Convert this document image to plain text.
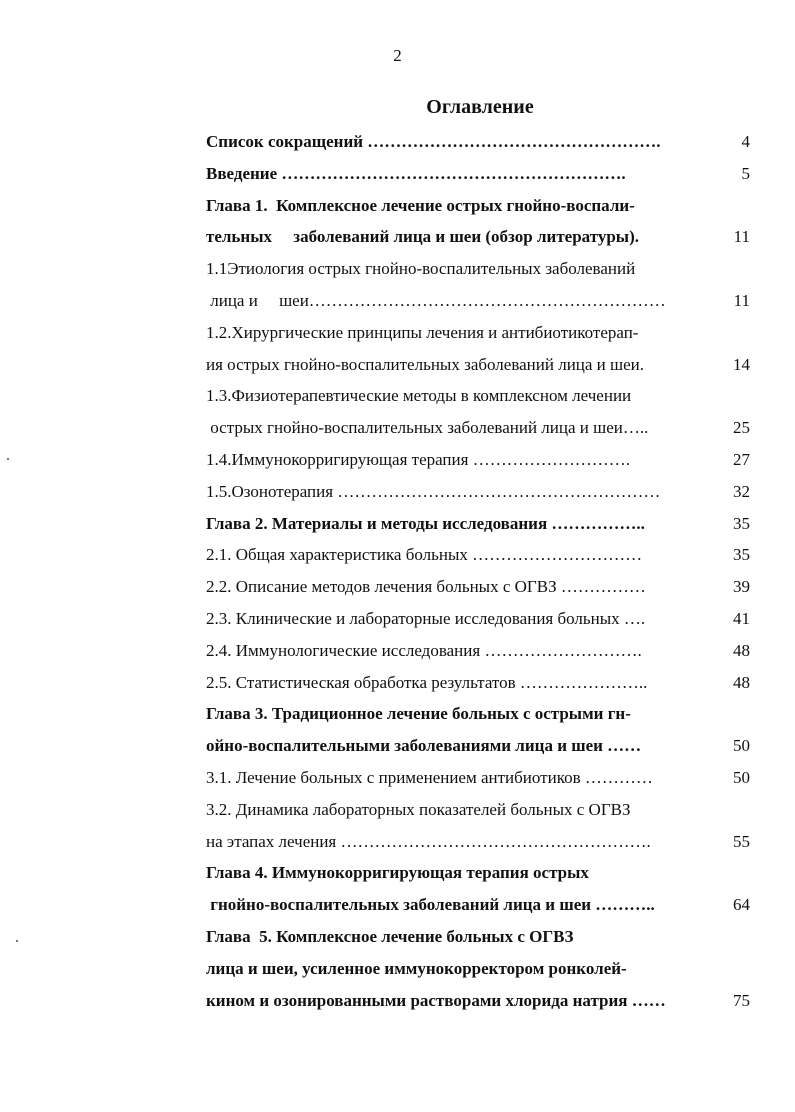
2
Оглавление
Список сокращений …………………………………………….	4
Введение …………………………………………………….	5
Глава 1.  Комплексное лечение острых гнойно-воспали-
тельных     заболеваний лица и шеи (обзор литературы).	11
1.1Этиология острых гнойно-воспалительных заболеваний
лица и     шеи………………………………………………………	11
1.2.Хирургические принципы лечения и антибиотикотерап-
ия острых гнойно-воспалительных заболеваний лица и шеи.	14
1.3.Физиотерапевтические методы в комплексном лечении
острых гнойно-воспалительных заболеваний лица и шеи…..	25
1.4.Иммунокорригирующая терапия ……………………….	27
1.5.Озонотерапия …………………………………………………	32
Глава 2. Материалы и методы исследования ……………..	35
2.1. Общая характеристика больных …………………………	35
2.2. Описание методов лечения больных с ОГВЗ ……………	39
2.3. Клинические и лабораторные исследования больных ….	41
2.4. Иммунологические исследования ……………………….	48
2.5. Статистическая обработка результатов …………………..	48
Глава 3. Традиционное лечение больных с острыми гн-
ойно-воспалительными заболеваниями лица и шеи ……	50
3.1. Лечение больных с применением антибиотиков …………	50
3.2. Динамика лабораторных показателей больных с ОГВЗ
на этапах лечения ……………………………………………….	55
Глава 4. Иммунокорригирующая терапия острых
гнойно-воспалительных заболеваний лица и шеи ………..	64
Глава  5. Комплексное лечение больных с ОГВЗ
лица и шеи, усиленное иммунокорректором ронколей-
кином и озонированными растворами хлорида натрия ……	75
